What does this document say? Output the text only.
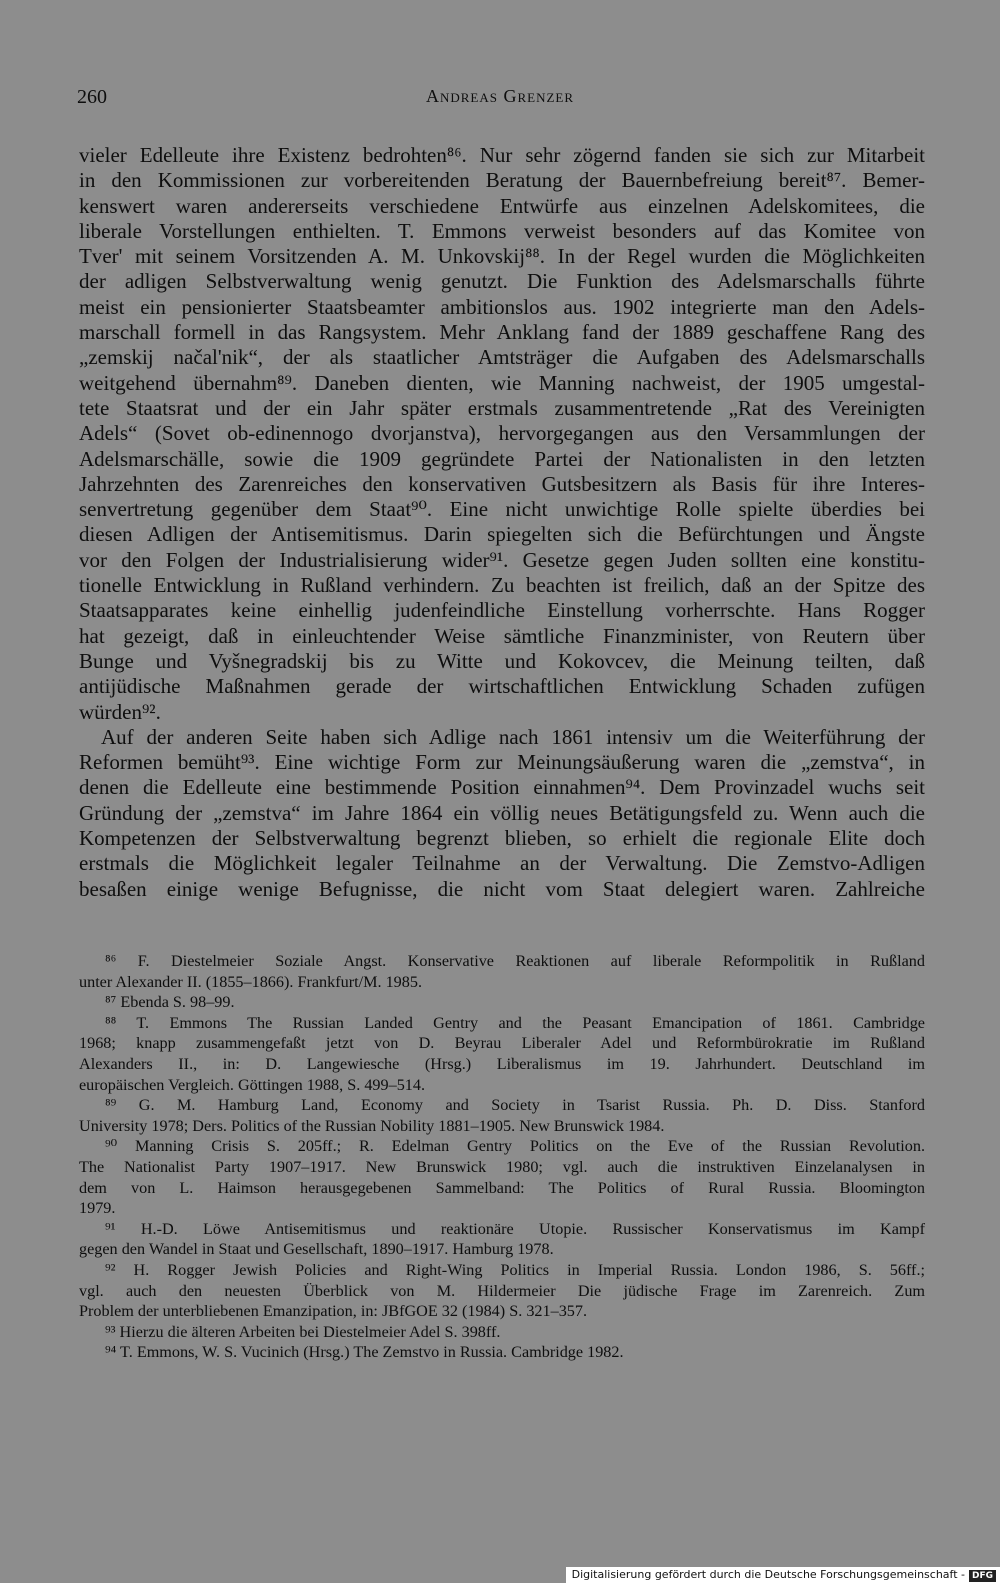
260	Andreas Grenzer
vieler Edelleute ihre Existenz bedrohten⁸⁶. Nur sehr zögernd fanden sie sich zur Mitarbeit
in den Kommissionen zur vorbereitenden Beratung der Bauernbefreiung bereit⁸⁷. Bemer-
kenswert waren andererseits verschiedene Entwürfe aus einzelnen Adelskomitees, die
liberale Vorstellungen enthielten. T. Emmons verweist besonders auf das Komitee von
Tver' mit seinem Vorsitzenden A. M. Unkovskij⁸⁸. In der Regel wurden die Möglichkeiten
der adligen Selbstverwaltung wenig genutzt. Die Funktion des Adelsmarschalls führte
meist ein pensionierter Staatsbeamter ambitionslos aus. 1902 integrierte man den Adels-
marschall formell in das Rangsystem. Mehr Anklang fand der 1889 geschaffene Rang des
„zemskij načal'nik“, der als staatlicher Amtsträger die Aufgaben des Adelsmarschalls
weitgehend übernahm⁸⁹. Daneben dienten, wie Manning nachweist, der 1905 umgestal-
tete Staatsrat und der ein Jahr später erstmals zusammentretende „Rat des Vereinigten
Adels“ (Sovet ob-edinennogo dvorjanstva), hervorgegangen aus den Versammlungen der
Adelsmarschälle, sowie die 1909 gegründete Partei der Nationalisten in den letzten
Jahrzehnten des Zarenreiches den konservativen Gutsbesitzern als Basis für ihre Interes-
senvertretung gegenüber dem Staat⁹⁰. Eine nicht unwichtige Rolle spielte überdies bei
diesen Adligen der Antisemitismus. Darin spiegelten sich die Befürchtungen und Ängste
vor den Folgen der Industrialisierung wider⁹¹. Gesetze gegen Juden sollten eine konstitu-
tionelle Entwicklung in Rußland verhindern. Zu beachten ist freilich, daß an der Spitze des
Staatsapparates keine einhellig judenfeindliche Einstellung vorherrschte. Hans Rogger
hat gezeigt, daß in einleuchtender Weise sämtliche Finanzminister, von Reutern über
Bunge und Vyšnegradskij bis zu Witte und Kokovcev, die Meinung teilten, daß
antijüdische Maßnahmen gerade der wirtschaftlichen Entwicklung Schaden zufügen
würden⁹².
Auf der anderen Seite haben sich Adlige nach 1861 intensiv um die Weiterführung der
Reformen bemüht⁹³. Eine wichtige Form zur Meinungsäußerung waren die „zemstva“, in
denen die Edelleute eine bestimmende Position einnahmen⁹⁴. Dem Provinzadel wuchs seit
Gründung der „zemstva“ im Jahre 1864 ein völlig neues Betätigungsfeld zu. Wenn auch die
Kompetenzen der Selbstverwaltung begrenzt blieben, so erhielt die regionale Elite doch
erstmals die Möglichkeit legaler Teilnahme an der Verwaltung. Die Zemstvo-Adligen
besaßen einige wenige Befugnisse, die nicht vom Staat delegiert waren. Zahlreiche
⁸⁶ F. Diestelmeier Soziale Angst. Konservative Reaktionen auf liberale Reformpolitik in Rußland
unter Alexander II. (1855–1866). Frankfurt/M. 1985.
⁸⁷ Ebenda S. 98–99.
⁸⁸ T. Emmons The Russian Landed Gentry and the Peasant Emancipation of 1861. Cambridge
1968; knapp zusammengefaßt jetzt von D. Beyrau Liberaler Adel und Reformbürokratie im Rußland
Alexanders II., in: D. Langewiesche (Hrsg.) Liberalismus im 19. Jahrhundert. Deutschland im
europäischen Vergleich. Göttingen 1988, S. 499–514.
⁸⁹ G. M. Hamburg Land, Economy and Society in Tsarist Russia. Ph. D. Diss. Stanford
University 1978; Ders. Politics of the Russian Nobility 1881–1905. New Brunswick 1984.
⁹⁰ Manning Crisis S. 205ff.; R. Edelman Gentry Politics on the Eve of the Russian Revolution.
The Nationalist Party 1907–1917. New Brunswick 1980; vgl. auch die instruktiven Einzelanalysen in
dem von L. Haimson herausgegebenen Sammelband: The Politics of Rural Russia. Bloomington
1979.
⁹¹ H.-D. Löwe Antisemitismus und reaktionäre Utopie. Russischer Konservatismus im Kampf
gegen den Wandel in Staat und Gesellschaft, 1890–1917. Hamburg 1978.
⁹² H. Rogger Jewish Policies and Right-Wing Politics in Imperial Russia. London 1986, S. 56ff.;
vgl. auch den neuesten Überblick von M. Hildermeier Die jüdische Frage im Zarenreich. Zum
Problem der unterbliebenen Emanzipation, in: JBfGOE 32 (1984) S. 321–357.
⁹³ Hierzu die älteren Arbeiten bei Diestelmeier Adel S. 398ff.
⁹⁴ T. Emmons, W. S. Vucinich (Hrsg.) The Zemstvo in Russia. Cambridge 1982.
Digitalisierung gefördert durch die Deutsche Forschungsgemeinschaft - DFG
